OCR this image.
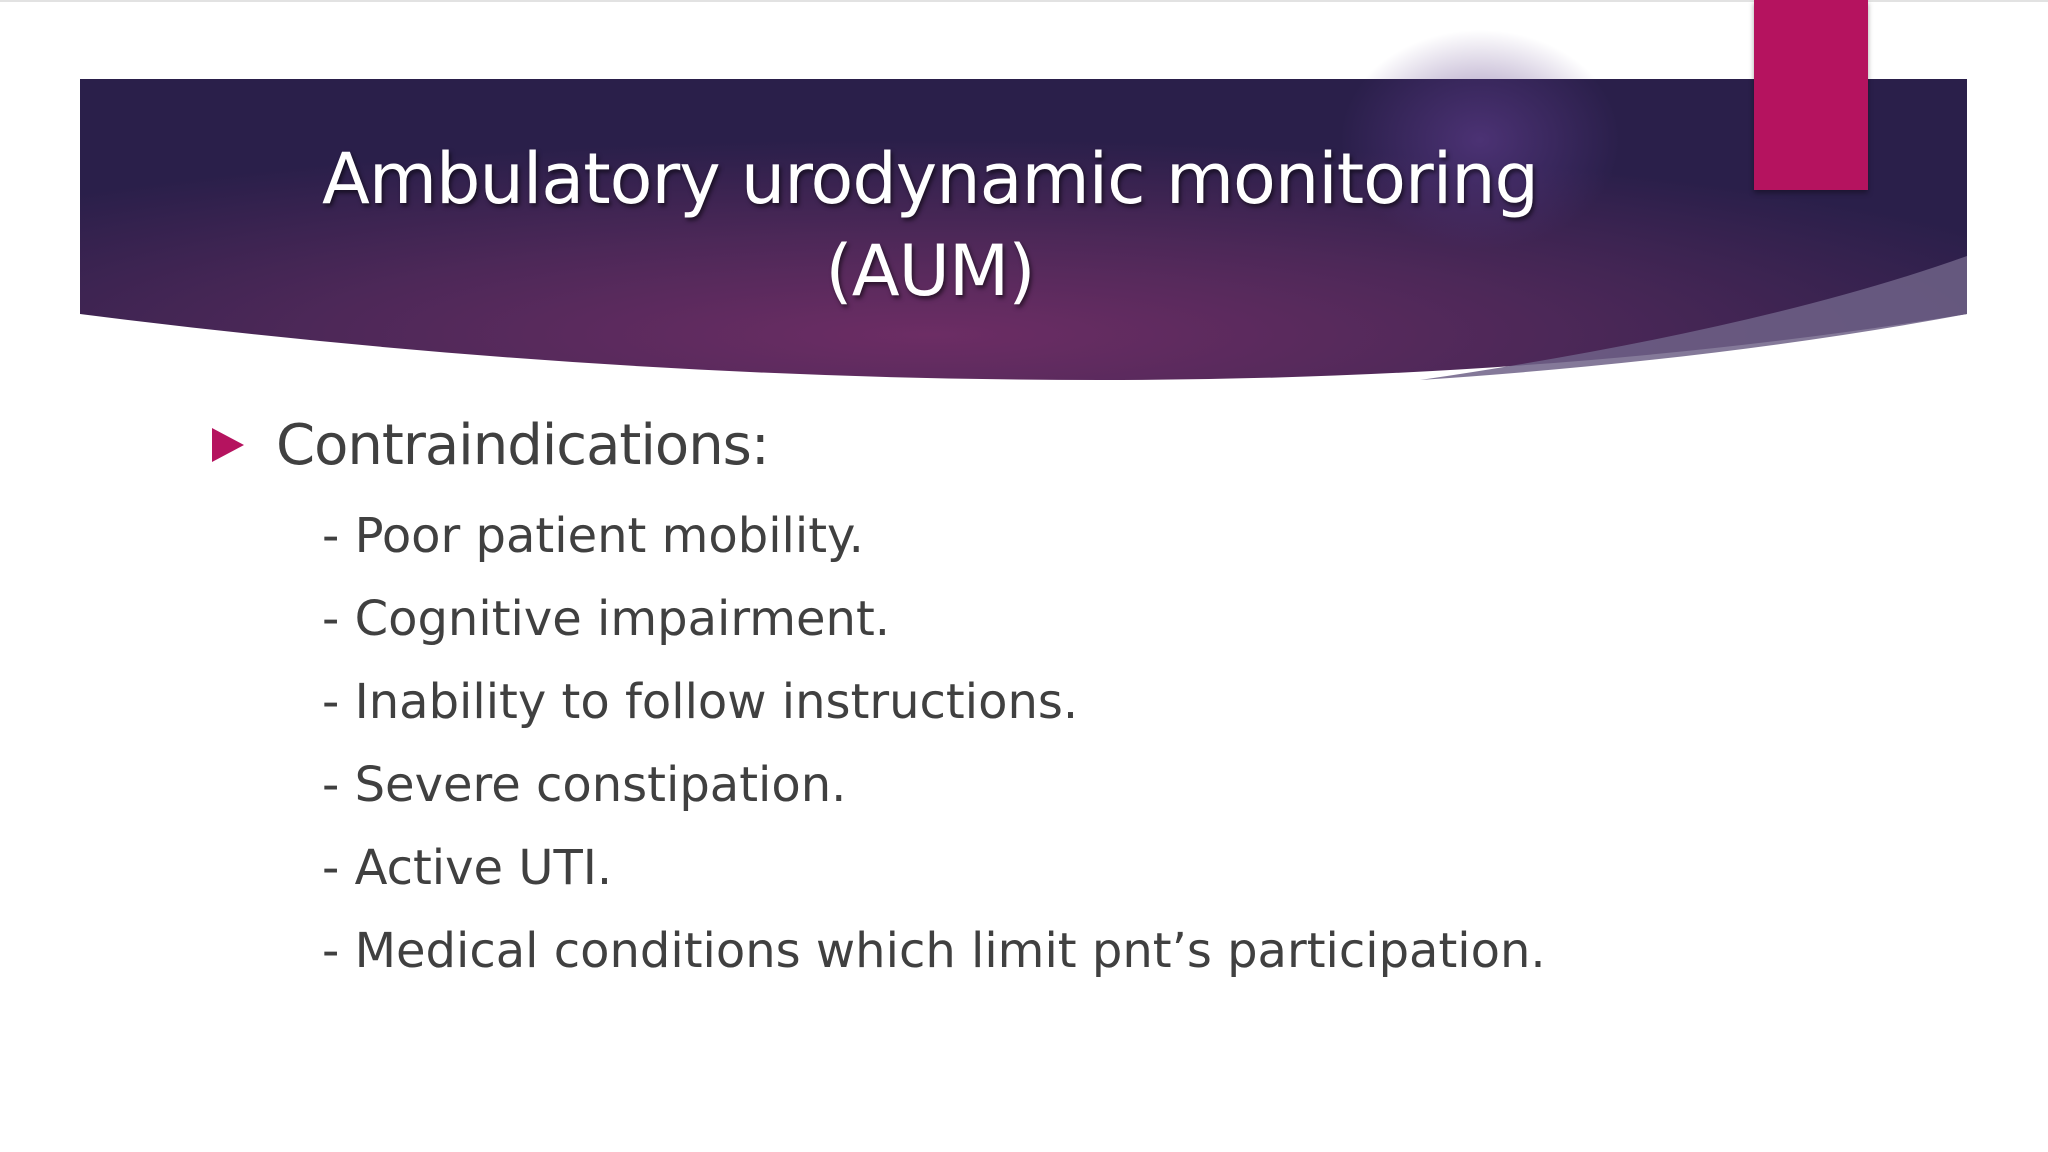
Ambulatory urodynamic monitoring
(AUM)
Contraindications:
- Poor patient mobility.
- Cognitive impairment.
- Inability to follow instructions.
- Severe constipation.
- Active UTI.
- Medical conditions which limit pnt’s participation.
